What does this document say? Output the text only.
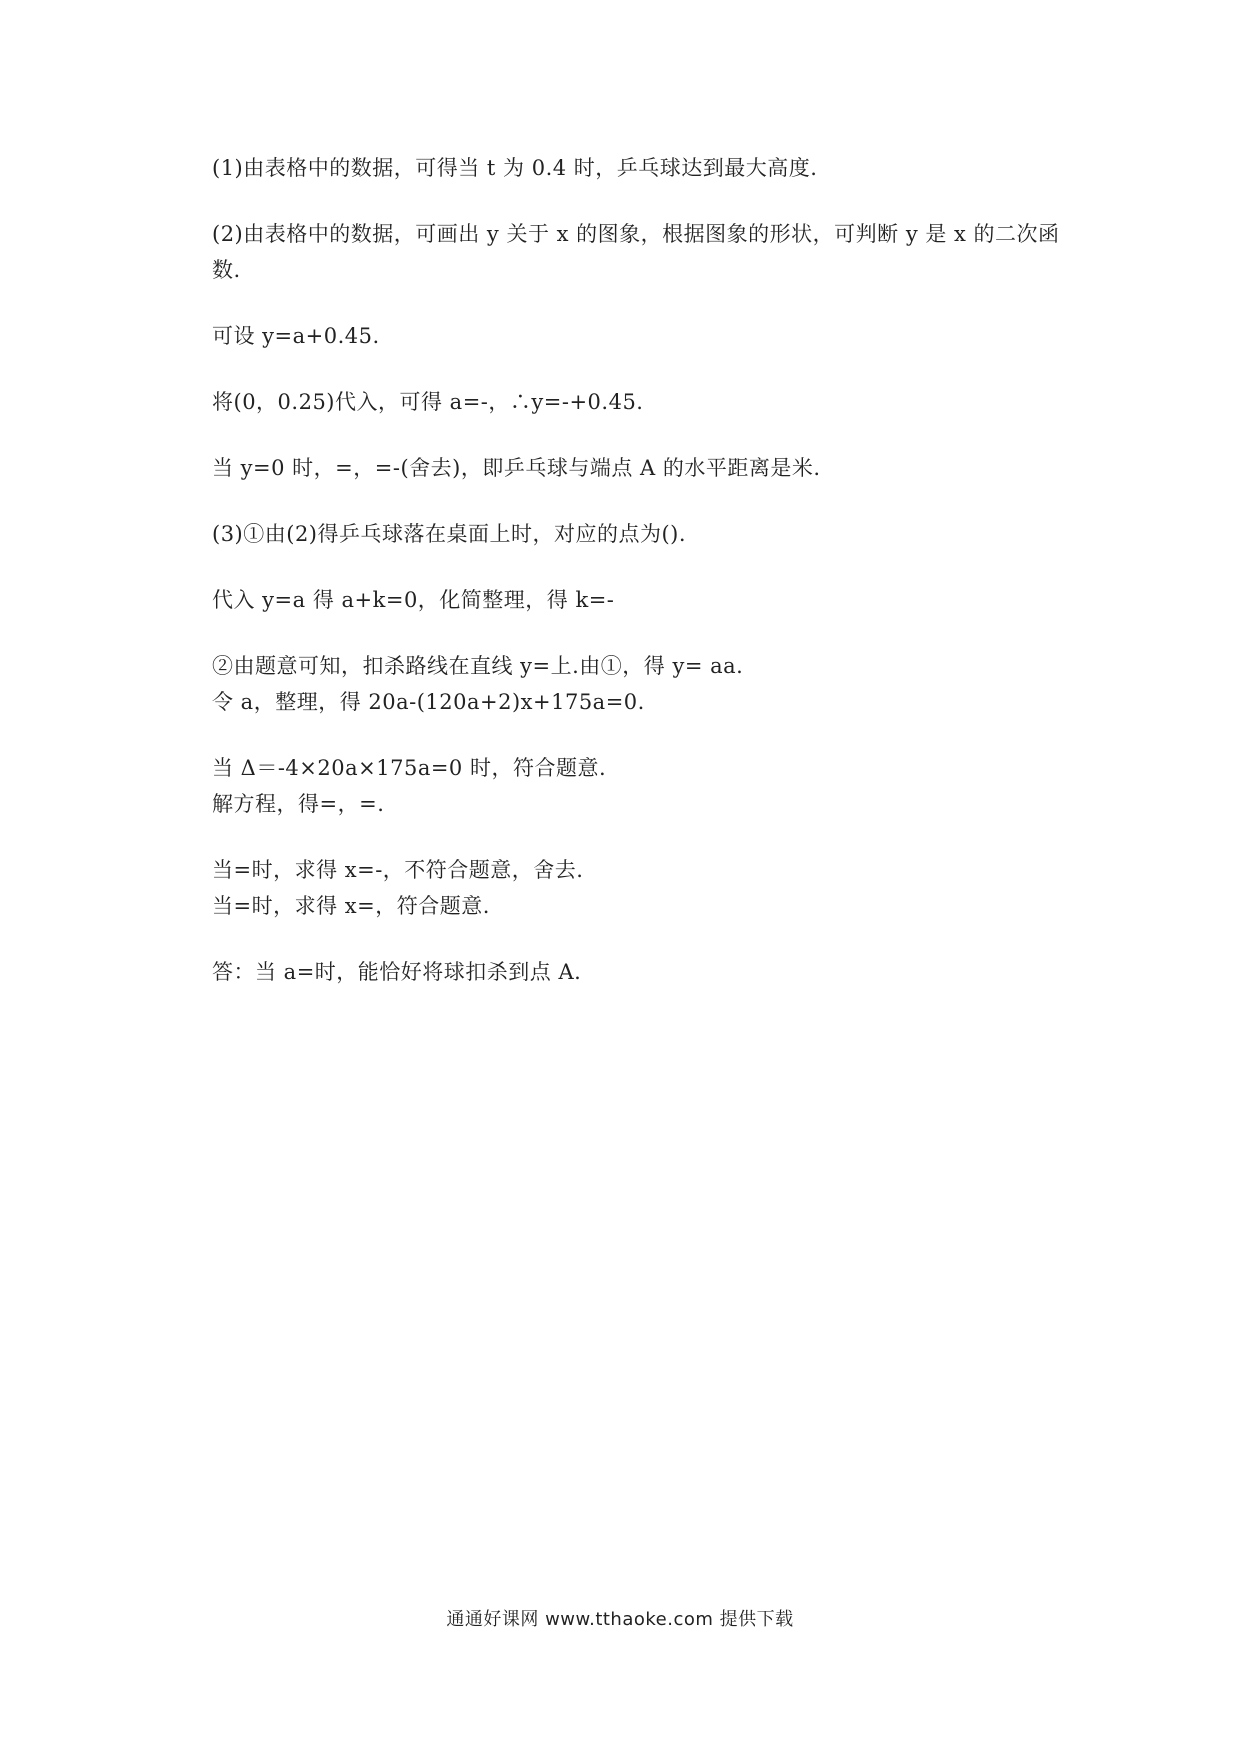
(1)由表格中的数据，可得当 t 为 0.4 时，乒乓球达到最大高度.
(2)由表格中的数据，可画出 y 关于 x 的图象，根据图象的形状，可判断 y 是 x 的二次函数.
可设 y=a+0.45.
将(0，0.25)代入，可得 a=-，∴y=-+0.45.
当 y=0 时，=，=-(舍去)，即乒乓球与端点 A 的水平距离是米.
(3)①由(2)得乒乓球落在桌面上时，对应的点为().
代入 y=a 得 a+k=0，化简整理，得 k=-
②由题意可知，扣杀路线在直线 y=上.由①，得 y= aa.
令 a，整理，得 20a-(120a+2)x+175a=0.
当 Δ＝-4×20a×175a=0 时，符合题意.
解方程，得=，=.
当=时，求得 x=-，不符合题意，舍去.
当=时，求得 x=，符合题意.
答：当 a=时，能恰好将球扣杀到点 A.
通通好课网 www.tthaoke.com 提供下载
